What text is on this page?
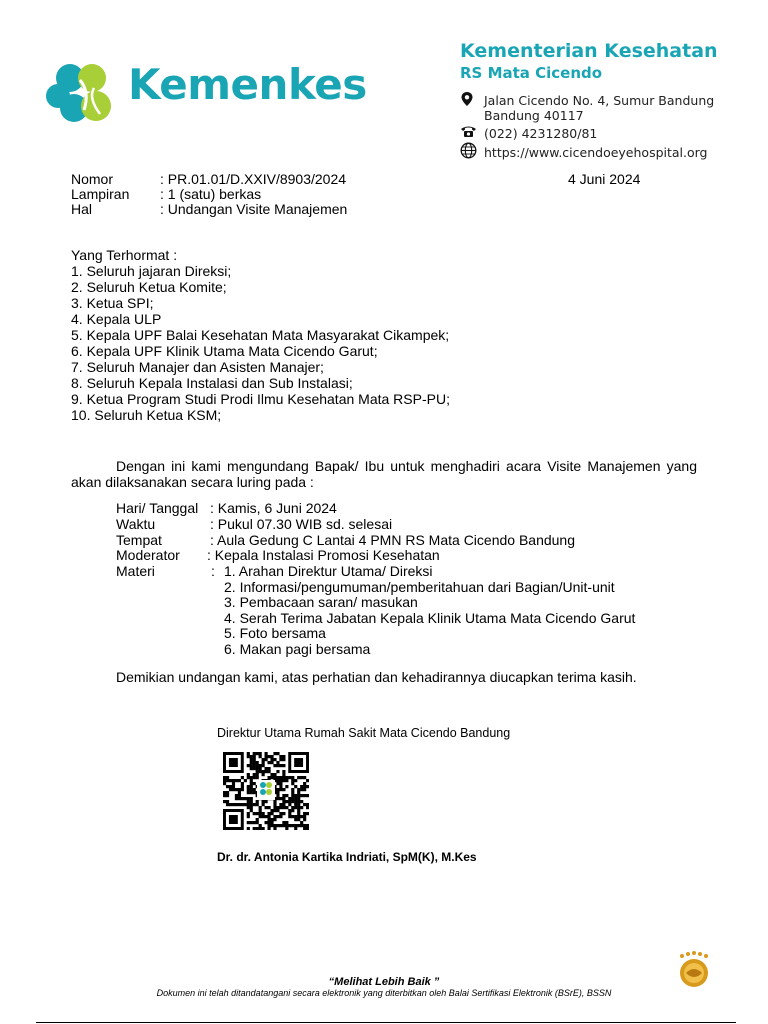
Kemenkes
Kementerian Kesehatan
RS Mata Cicendo
Jalan Cicendo No. 4, Sumur Bandung
Bandung 40117
(022) 4231280/81
https://www.cicendoeyehospital.org
Nomor	: PR.01.01/D.XXIV/8903/2024
Lampiran : 1 (satu) berkas
Hal	: Undangan Visite Manajemen
4 Juni 2024
Yang Terhormat :
1. Seluruh jajaran Direksi;
2. Seluruh Ketua Komite;
3. Ketua SPI;
4. Kepala ULP
5. Kepala UPF Balai Kesehatan Mata Masyarakat Cikampek;
6. Kepala UPF Klinik Utama Mata Cicendo Garut;
7. Seluruh Manajer dan Asisten Manajer;
8. Seluruh Kepala Instalasi dan Sub Instalasi;
9. Ketua Program Studi Prodi Ilmu Kesehatan Mata RSP-PU;
10. Seluruh Ketua KSM;
Dengan ini kami mengundang Bapak/ Ibu untuk menghadiri acara Visite Manajemen yang akan dilaksanakan secara luring pada :
Hari/ Tanggal : Kamis, 6 Juni 2024
Waktu	: Pukul 07.30 WIB sd. selesai
Tempat	: Aula Gedung C Lantai 4 PMN RS Mata Cicendo Bandung
Moderator : Kepala Instalasi Promosi Kesehatan
Materi	: 1. Arahan Direktur Utama/ Direksi
2. Informasi/pengumuman/pemberitahuan dari Bagian/Unit-unit
3. Pembacaan saran/ masukan
4. Serah Terima Jabatan Kepala Klinik Utama Mata Cicendo Garut
5. Foto bersama
6. Makan pagi bersama
Demikian undangan kami, atas perhatian dan kehadirannya diucapkan terima kasih.
Direktur Utama Rumah Sakit Mata Cicendo Bandung
Dr. dr. Antonia Kartika Indriati, SpM(K), M.Kes
“Melihat Lebih Baik ”
Dokumen ini telah ditandatangani secara elektronik yang diterbitkan oleh Balai Sertifikasi Elektronik (BSrE), BSSN
